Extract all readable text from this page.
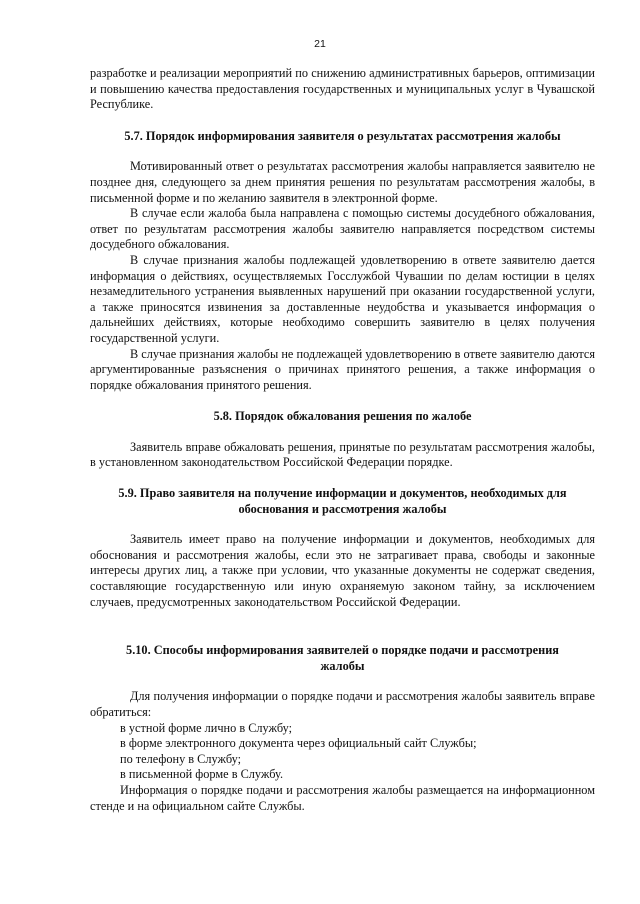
21

разработке и реализации мероприятий по снижению административных барьеров, оптимизации и повышению качества предоставления государственных и муниципальных услуг в Чувашской Республике.

5.7. Порядок информирования заявителя о результатах рассмотрения жалобы

Мотивированный ответ о результатах рассмотрения жалобы направляется заявителю не позднее дня, следующего за днем принятия решения по результатам рассмотрения жалобы, в письменной форме и по желанию заявителя в электронной форме.

В случае если жалоба была направлена с помощью системы досудебного обжалования, ответ по результатам рассмотрения жалобы заявителю направляется посредством системы досудебного обжалования.

В случае признания жалобы подлежащей удовлетворению в ответе заявителю дается информация о действиях, осуществляемых Госслужбой Чувашии по делам юстиции в целях незамедлительного устранения выявленных нарушений при оказании государственной услуги, а также приносятся извинения за доставленные неудобства и указывается информация о дальнейших действиях, которые необходимо совершить заявителю в целях получения государственной услуги.

В случае признания жалобы не подлежащей удовлетворению в ответе заявителю даются аргументированные разъяснения о причинах принятого решения, а также информация о порядке обжалования принятого решения.

5.8. Порядок обжалования решения по жалобе

Заявитель вправе обжаловать решения, принятые по результатам рассмотрения жалобы, в установленном законодательством Российской Федерации порядке.

5.9. Право заявителя на получение информации и документов, необходимых для
обоснования и рассмотрения жалобы

Заявитель имеет право на получение информации и документов, необходимых для обоснования и рассмотрения жалобы, если это не затрагивает права, свободы и законные интересы других лиц, а также при условии, что указанные документы не содержат сведения, составляющие государственную или иную охраняемую законом тайну, за исключением случаев, предусмотренных законодательством Российской Федерации.

5.10. Способы информирования заявителей о порядке подачи и рассмотрения
жалобы

Для получения информации о порядке подачи и рассмотрения жалобы заявитель вправе обратиться:

в устной форме лично в Службу;

в форме электронного документа через официальный сайт Службы;

по телефону в Службу;

в письменной форме в Службу.

Информация о порядке подачи и рассмотрения жалобы размещается на информационном стенде и на официальном сайте Службы.
